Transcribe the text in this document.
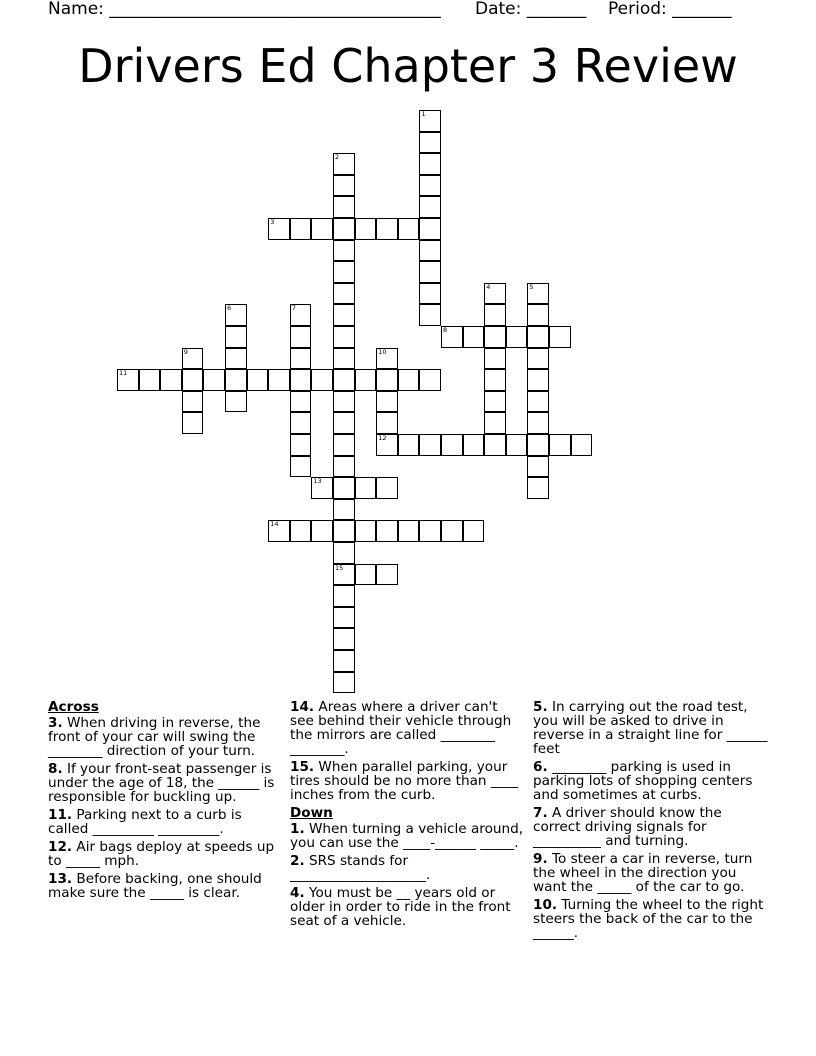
Name: _______________________________________

Date: _______

Period: _______

Drivers Ed Chapter 3 Review
1
2
15
3
4	5
6	7
8
9	10
12
11
13
14
Across
3. When driving in reverse, the front of your car will swing the ________ direction of your turn.
8. If your front-seat passenger is under the age of 18, the ______ is responsible for buckling up.
11. Parking next to a curb is called _________ _________.
12. Air bags deploy at speeds up to _____ mph.
13. Before backing, one should make sure the _____ is clear.
14. Areas where a driver can't see behind their vehicle through the mirrors are called ________ ________.
15. When parallel parking, your tires should be no more than ____ inches from the curb.
Down
1. When turning a vehicle around, you can use the ____-______ _____.
2. SRS stands for ____________________.
4. You must be __ years old or older in order to ride in the front seat of a vehicle.
5. In carrying out the road test, you will be asked to drive in reverse in a straight line for ______ feet
6. ________ parking is used in parking lots of shopping centers and sometimes at curbs.
7. A driver should know the correct driving signals for __________ and turning.
9. To steer a car in reverse, turn the wheel in the direction you want the _____ of the car to go.
10. Turning the wheel to the right steers the back of the car to the ______.
